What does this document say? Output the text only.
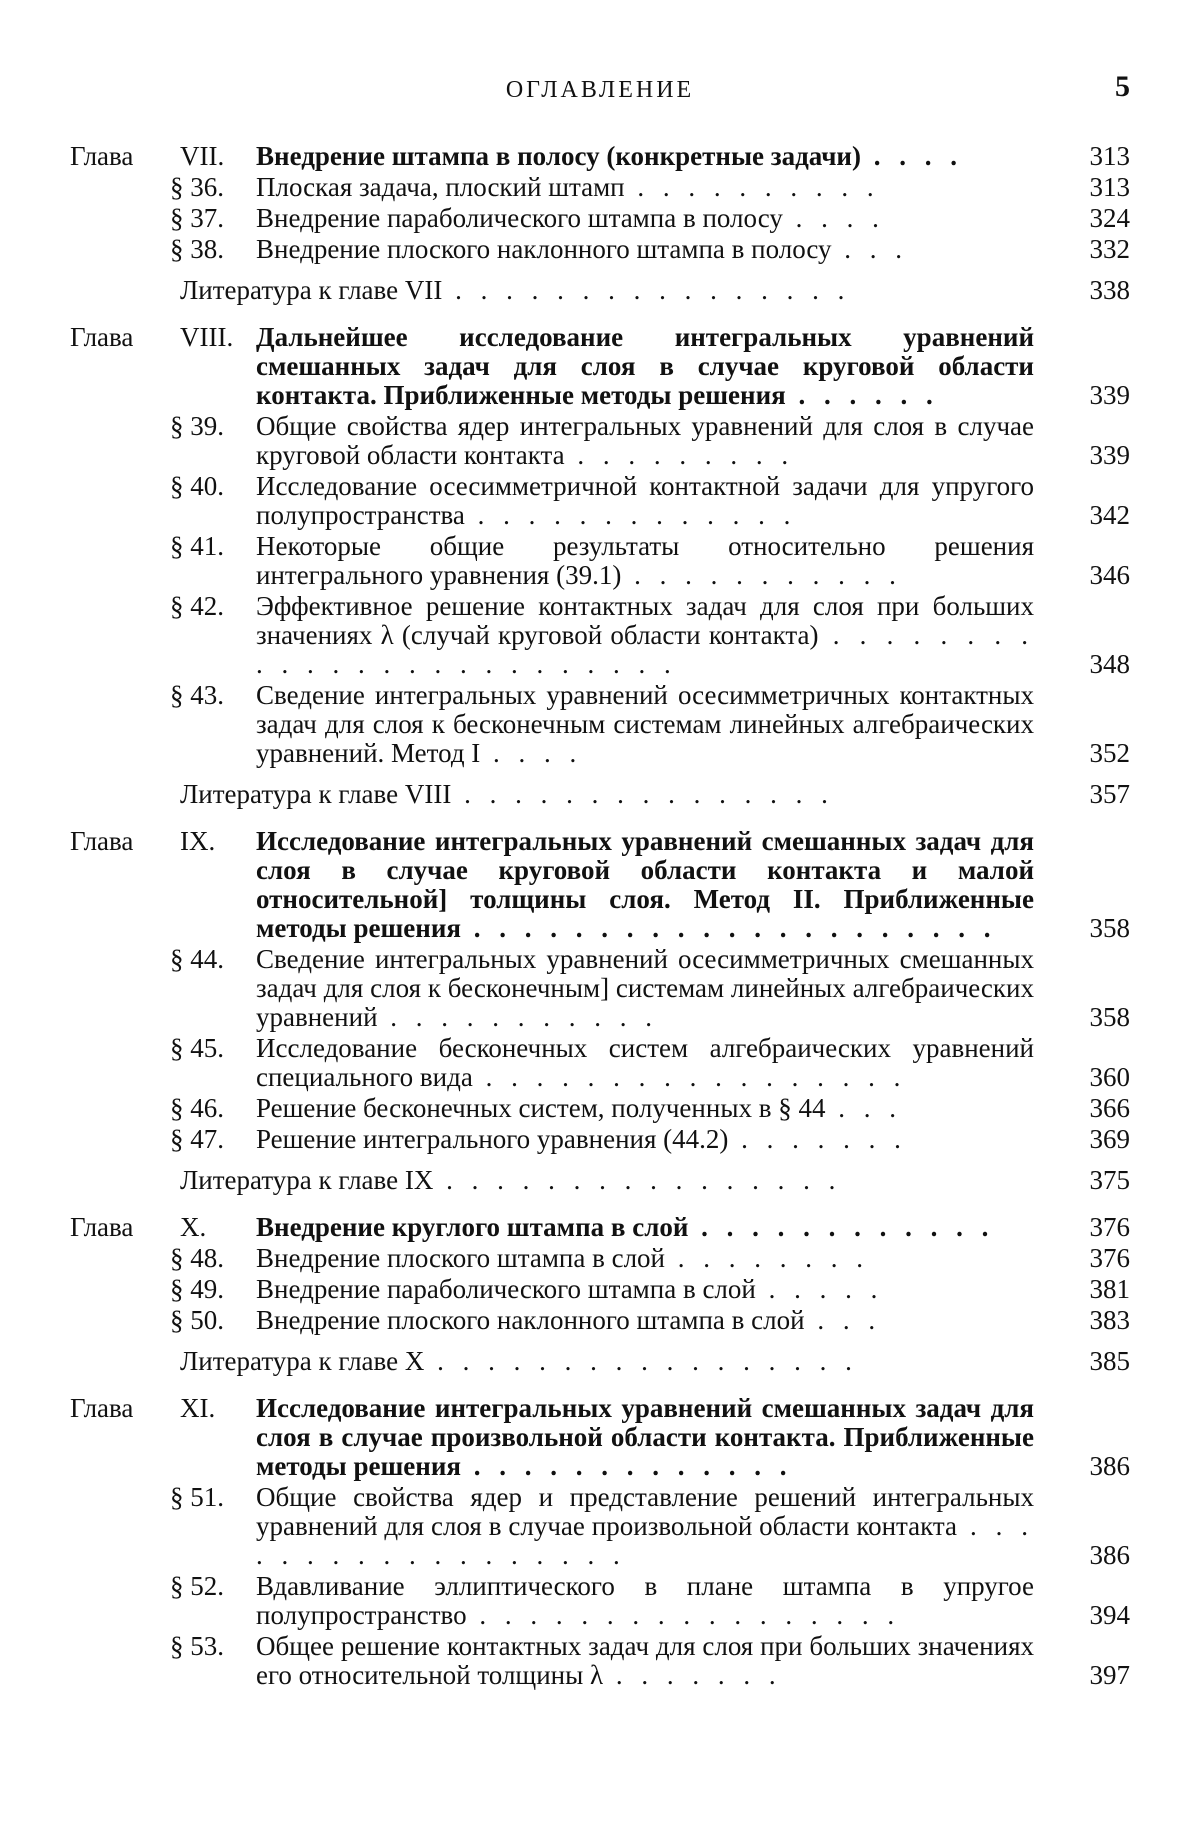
ОГЛАВЛЕНИЕ	5
Глава	VII.	Внедрение штампа в полосу (конкретные задачи) . . . .	313
§ 36.	Плоская задача, плоский штамп . . . . . . . . . .	313
§ 37.	Внедрение параболического штампа в полосу . . . .	324
§ 38.	Внедрение плоского наклонного штампа в полосу . . .	332
Литература к главе VII . . . . . . . . . . . . . . . .	338
Глава	VIII. Дальнейшее исследование интегральных уравнений смешанных задач для слоя в случае круговой области контакта. Приближенные методы решения . . . . . .	339
§ 39.	Общие свойства ядер интегральных уравнений для слоя в случае круговой области контакта . . . . . . . . .	339
§ 40.	Исследование осесимметричной контактной задачи для упругого полупространства . . . . . . . . . . . . .	342
§ 41.	Некоторые общие результаты относительно решения интегрального уравнения (39.1) . . . . . . . . . . .	346
§ 42.	Эффективное решение контактных задач для слоя при больших значениях λ (случай круговой области контакта) . . . . . . . . . . . . . . . . . . . . . . . . .	348
§ 43.	Сведение интегральных уравнений осесимметричных контактных задач для слоя к бесконечным системам линейных алгебраических уравнений. Метод I . . . .	352
Литература к главе VIII . . . . . . . . . . . . . . .	357
Глава	IX.	Исследование интегральных уравнений смешанных задач для слоя в случае круговой области контакта и малой относительной] толщины слоя. Метод II. Приближенные методы решения . . . . . . . . . . . . . . . . . . . . .	358
§ 44.	Сведение интегральных уравнений осесимметричных смешанных задач для слоя к бесконечным] системам линейных алгебраических уравнений . . . . . . . . . . .	358
§ 45.	Исследование бесконечных систем алгебраических уравнений специального вида . . . . . . . . . . . . . . . . .	360
§ 46.	Решение бесконечных систем, полученных в § 44 . . .	366
§ 47.	Решение интегрального уравнения (44.2) . . . . . . .	369
Литература к главе IX . . . . . . . . . . . . . . . .	375
Глава	X.	Внедрение круглого штампа в слой . . . . . . . . . . . .	376
§ 48.	Внедрение плоского штампа в слой . . . . . . . .	376
§ 49.	Внедрение параболического штампа в слой . . . . .	381
§ 50.	Внедрение плоского наклонного штампа в слой . . .	383
Литература к главе X . . . . . . . . . . . . . . . . .	385
Глава	XI.	Исследование интегральных уравнений смешанных задач для слоя в случае произвольной области контакта. Приближенные методы решения . . . . . . . . . . . . .	386
§ 51.	Общие свойства ядер и представление решений интегральных уравнений для слоя в случае произвольной области контакта . . . . . . . . . . . . . . . . . .	386
§ 52.	Вдавливание эллиптического в плане штампа в упругое полупространство . . . . . . . . . . . . . . . . .	394
§ 53.	Общее решение контактных задач для слоя при больших значениях его относительной толщины λ . . . . . . .	397
